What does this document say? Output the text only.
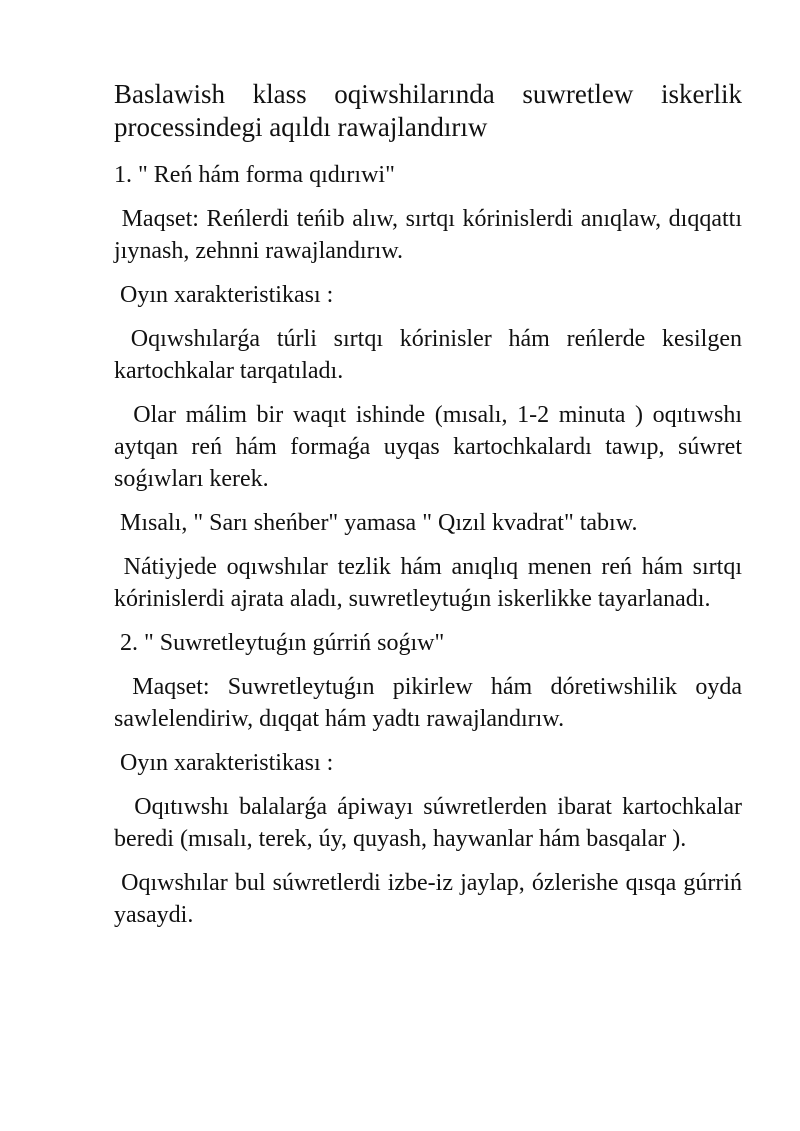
Baslawish klass oqiwshilarında suwretlew iskerlik processindegi aqıldı rawajlandırıw

1. " Reń hám forma qıdırıwi"

Maqset: Reńlerdi teńib alıw, sırtqı kórinislerdi anıqlaw, dıqqattı jıynash, zehnni rawajlandırıw.

Oyın xarakteristikası :

Oqıwshılarǵa túrli sırtqı kórinisler hám reńlerde kesilgen kartochkalar tarqatıladı.

Olar málim bir waqıt ishinde (mısalı, 1-2 minuta ) oqıtıwshı aytqan reń hám formaǵa uyqas kartochkalardı tawıp, súwret soǵıwları kerek.

Mısalı, " Sarı sheńber" yamasa " Qızıl kvadrat" tabıw.

Nátiyjede oqıwshılar tezlik hám anıqlıq menen reń hám sırtqı kórinislerdi ajrata aladı, suwretleytuǵın iskerlikke tayarlanadı.

2. " Suwretleytuǵın gúrriń soǵıw"

Maqset: Suwretleytuǵın pikirlew hám dóretiwshilik oyda sawlelendiriw, dıqqat hám yadtı rawajlandırıw.

Oyın xarakteristikası :

Oqıtıwshı balalarǵa ápiwayı súwretlerden ibarat kartochkalar beredi (mısalı, terek, úy, quyash, haywanlar hám basqalar ).

Oqıwshılar bul súwretlerdi izbe-iz jaylap, ózlerishe qısqa gúrriń yasaydi.
